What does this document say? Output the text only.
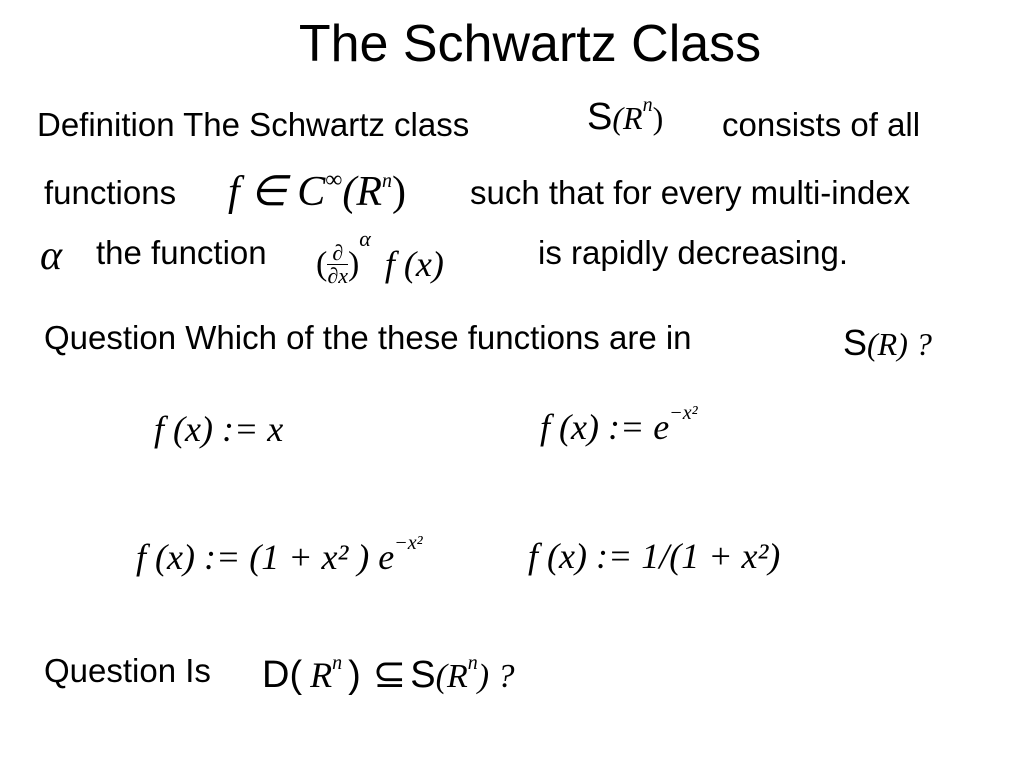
The Schwartz Class
Definition The Schwartz class	S(Rn) consists of all
functions f ∈ C∞(Rn) such that for every multi-index
α the function ( $\frac{\partial}{\partial x} )\alpha f$ (x)	is rapidly decreasing.
Question Which of the these functions are in	S(R) ?
f (x) := x	f (x) := e−x²
f (x) := (1 + x² ) e−x²	f (x) := 1/(1 + x²)
Question Is D( Rn ) ⊆ S(Rn) ?
